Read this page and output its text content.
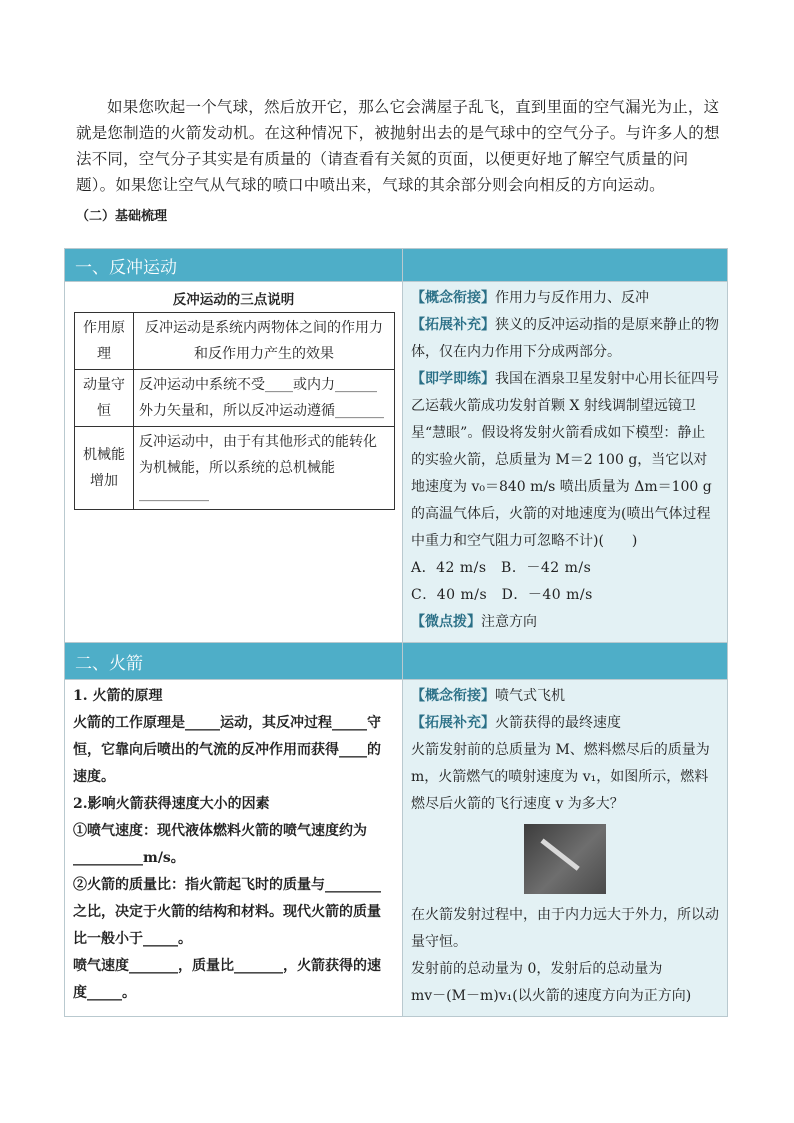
如果您吹起一个气球，然后放开它，那么它会满屋子乱飞，直到里面的空气漏光为止，这就是您制造的火箭发动机。在这种情况下，被抛射出去的是气球中的空气分子。与许多人的想法不同，空气分子其实是有质量的（请查看有关氮的页面，以便更好地了解空气质量的问题）。如果您让空气从气球的喷口中喷出来，气球的其余部分则会向相反的方向运动。

（二）基础梳理
一、反冲运动	

反冲运动的三点说明
作用原理	反冲运动是系统内两物体之间的作用力和反作用力产生的效果
动量守恒	反冲运动中系统不受____或内力______外力矢量和，所以反冲运动遵循_______
机械能增加	反冲运动中，由于有其他形式的能转化为机械能，所以系统的总机械能__________

【概念衔接】作用力与反作用力、反冲
【拓展补充】狭义的反冲运动指的是原来静止的物体，仅在内力作用下分成两部分。
【即学即练】我国在酒泉卫星发射中心用长征四号乙运载火箭成功发射首颗 X 射线调制望远镜卫星“慧眼”。假设将发射火箭看成如下模型：静止的实验火箭，总质量为 M＝2 100 g，当它以对地速度为 v₀＝840 m/s 喷出质量为 Δm＝100 g 的高温气体后，火箭的对地速度为(喷出气体过程中重力和空气阻力可忽略不计)(　　)
A．42 m/s　B．－42 m/s
C．40 m/s　D．－40 m/s
【微点拨】注意方向

二、火箭	

1. 火箭的原理
火箭的工作原理是_____运动，其反冲过程_____守恒，它靠向后喷出的气流的反冲作用而获得____的速度。
2.影响火箭获得速度大小的因素
①喷气速度：现代液体燃料火箭的喷气速度约为__________m/s。
②火箭的质量比：指火箭起飞时的质量与________之比，决定于火箭的结构和材料。现代火箭的质量比一般小于_____。
喷气速度_______，质量比_______，火箭获得的速度_____。

【概念衔接】喷气式飞机
【拓展补充】火箭获得的最终速度
火箭发射前的总质量为 M、燃料燃尽后的质量为 m，火箭燃气的喷射速度为 v₁，如图所示，燃料燃尽后火箭的飞行速度 v 为多大？
在火箭发射过程中，由于内力远大于外力，所以动量守恒。
发射前的总动量为 0，发射后的总动量为
mv－(M－m)v₁(以火箭的速度方向为正方向)
